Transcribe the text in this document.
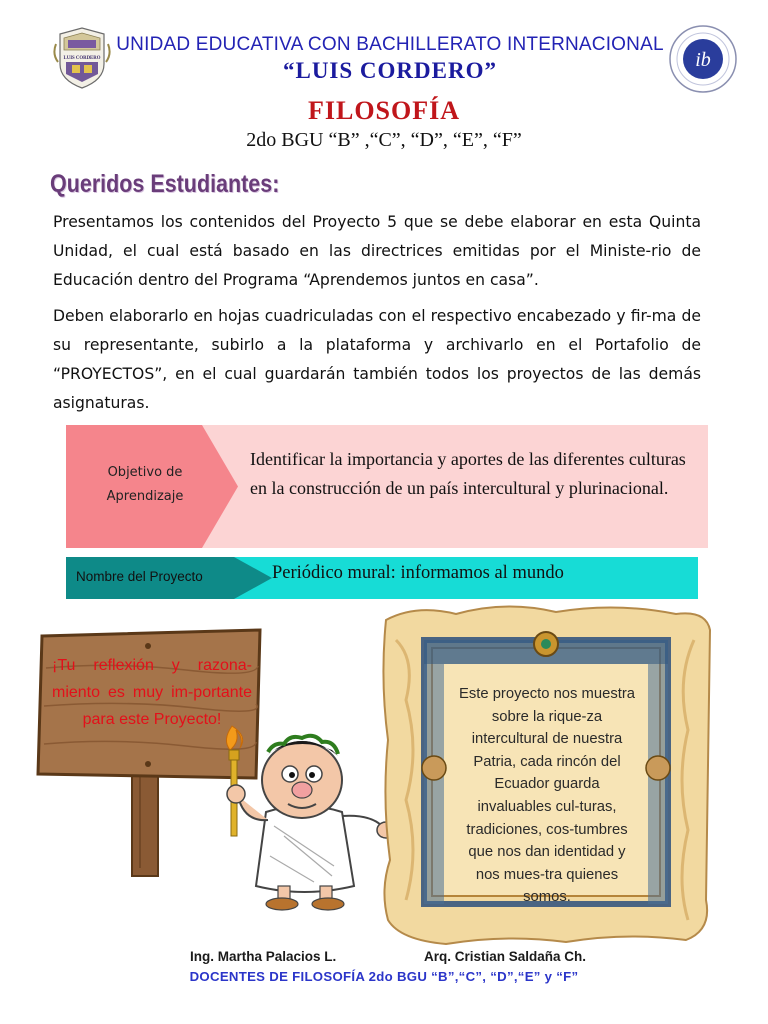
LUIS CORDERO
UNIDAD EDUCATIVA CON BACHILLERATO INTERNACIONAL
“LUIS CORDERO”	ib
FILOSOFÍA
2do BGU “B” ,“C”, “D”, “E”, “F”
Queridos Estudiantes:
Presentamos los contenidos del Proyecto 5 que se debe elaborar en esta Quinta Unidad, el cual está basado en las directrices emitidas por el Ministe-rio de Educación dentro del Programa “Aprendemos juntos en casa”.
Deben elaborarlo en hojas cuadriculadas con el respectivo encabezado y fir-ma de su representante, subirlo a la plataforma y archivarlo en el Portafolio de “PROYECTOS”, en el cual guardarán también todos los proyectos de las demás asignaturas.
Objetivo de Aprendizaje
Identificar la importancia y aportes de las diferentes culturas en la construcción de un país intercultural y plurinacional.
Nombre del Proyecto	Periódico mural: informamos al mundo
¡Tu reflexión y razona-miento es muy im-portante para este Proyecto!
Este proyecto nos muestra sobre la rique-za intercultural de nuestra Patria, cada rincón del Ecuador guarda invaluables cul-turas, tradiciones, cos-tumbres que nos dan identidad y nos mues-tra quienes somos.
Ing. Martha Palacios L.	Arq. Cristian Saldaña Ch.
DOCENTES DE FILOSOFÍA 2do BGU “B”,“C”, “D”,“E” y “F”
